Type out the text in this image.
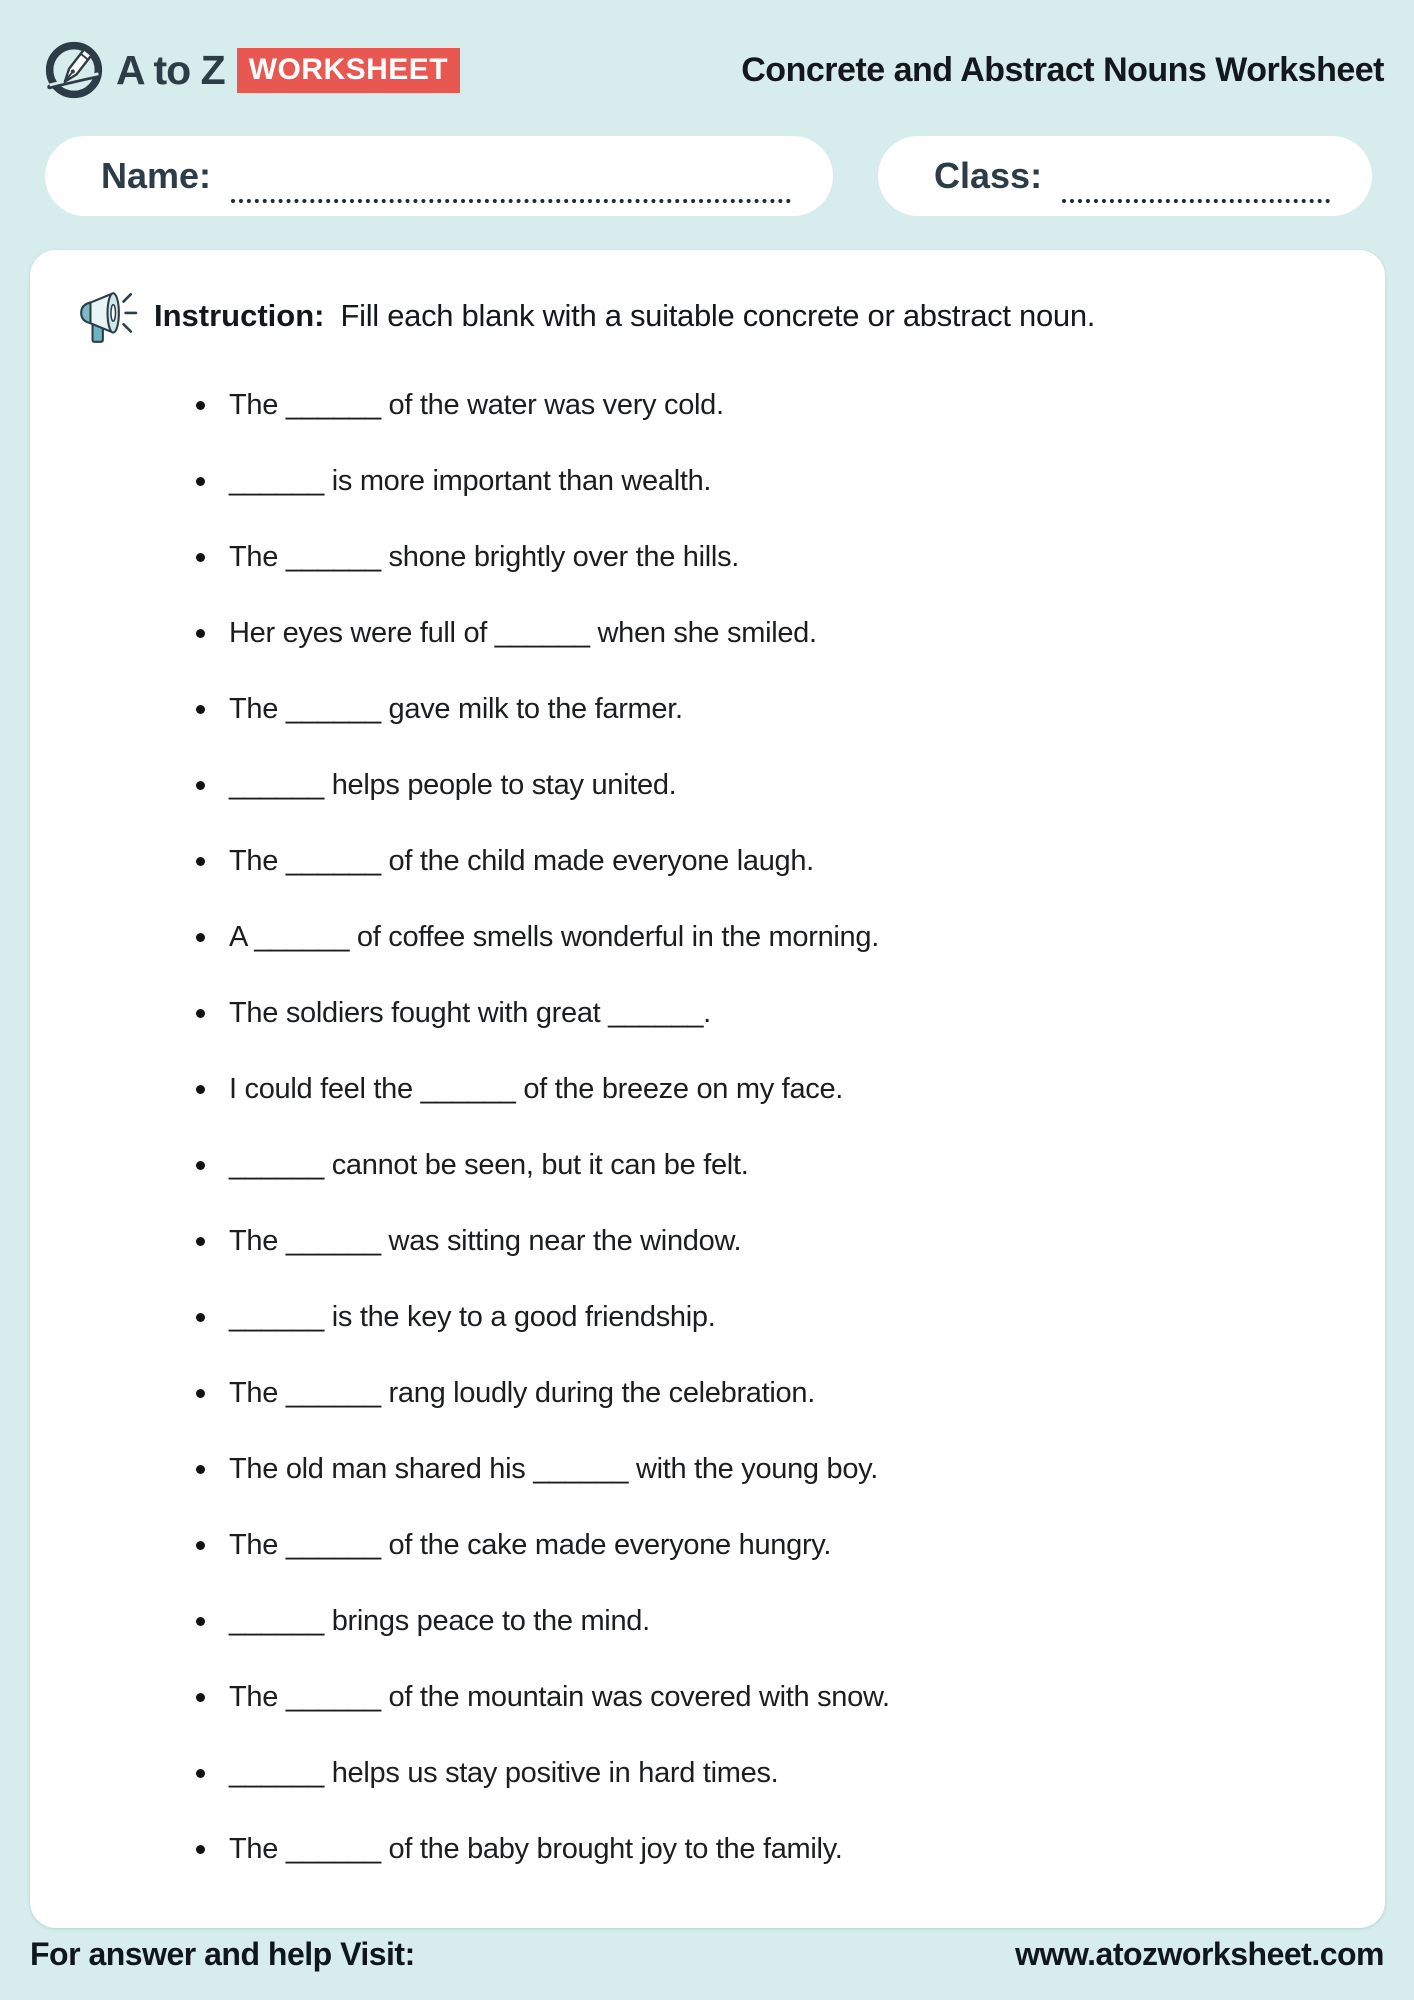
A to Z WORKSHEET	Concrete and Abstract Nouns Worksheet
Name:	Class:
Instruction: Fill each blank with a suitable concrete or abstract noun.
The ______ of the water was very cold.
______ is more important than wealth.
The ______ shone brightly over the hills.
Her eyes were full of ______ when she smiled.
The ______ gave milk to the farmer.
______ helps people to stay united.
The ______ of the child made everyone laugh.
A ______ of coffee smells wonderful in the morning.
The soldiers fought with great ______.
I could feel the ______ of the breeze on my face.
______ cannot be seen, but it can be felt.
The ______ was sitting near the window.
______ is the key to a good friendship.
The ______ rang loudly during the celebration.
The old man shared his ______ with the young boy.
The ______ of the cake made everyone hungry.
______ brings peace to the mind.
The ______ of the mountain was covered with snow.
______ helps us stay positive in hard times.
The ______ of the baby brought joy to the family.
For answer and help Visit:	www.atozworksheet.com
